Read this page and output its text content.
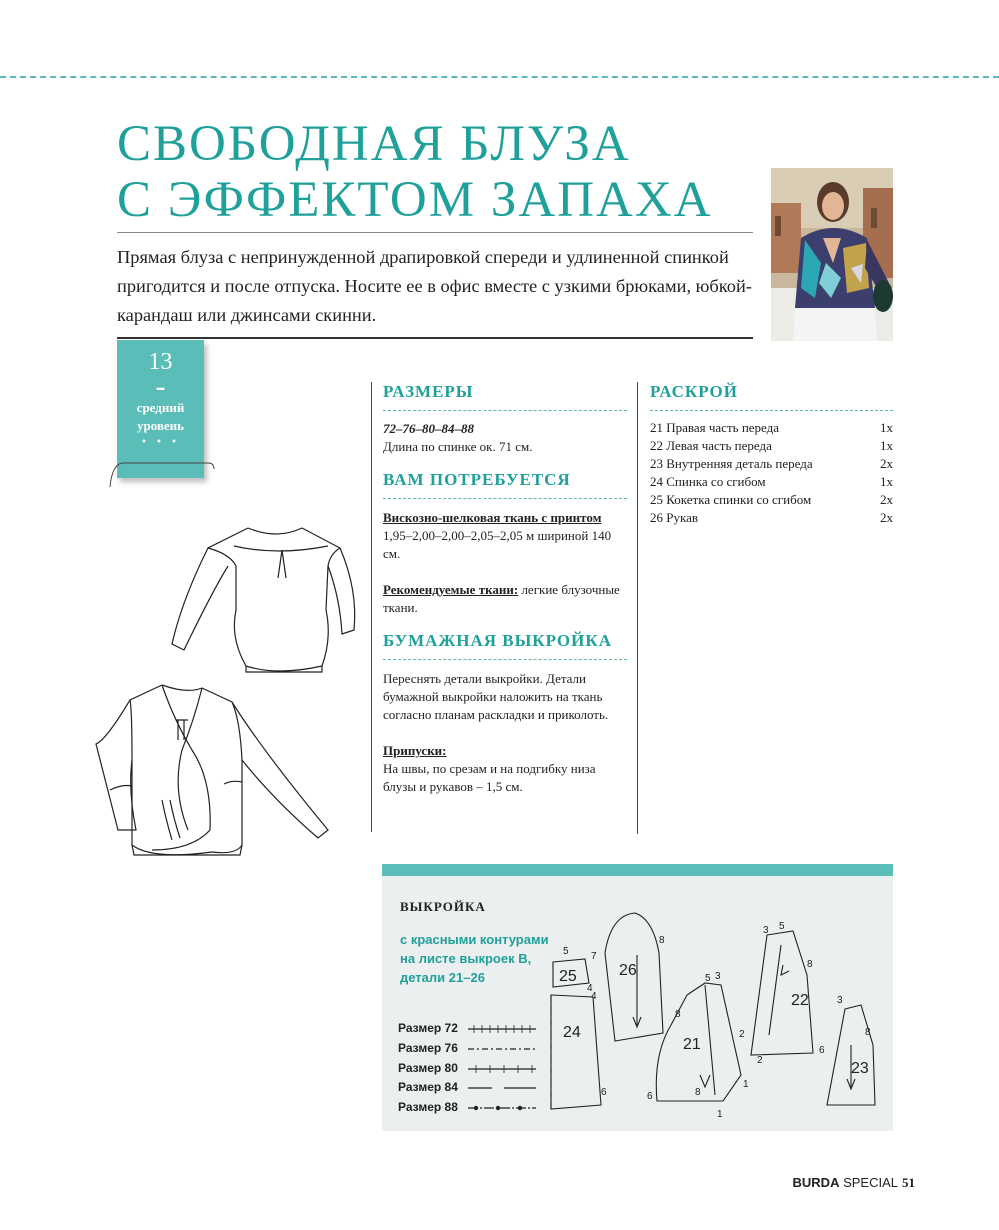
СВОБОДНАЯ БЛУЗА
С ЭФФЕКТОМ ЗАПАХА
Прямая блуза с непринужденной драпировкой спереди и удлиненной спинкой пригодится и после отпуска. Носите ее в офис вместе с узкими брюками, юбкой-карандаш или джинсами скинни.
13
–
средний уровень
• • •
РАЗМЕРЫ
72–76–80–84–88
Длина по спинке ок. 71 см.
ВАМ ПОТРЕБУЕТСЯ
Вискозно-шелковая ткань с принтом
1,95–2,00–2,00–2,05–2,05 м шириной 140 см.
Рекомендуемые ткани: легкие блузочные ткани.
БУМАЖНАЯ ВЫКРОЙКА
Переснять детали выкройки. Детали бумажной выкройки наложить на ткань согласно планам раскладки и приколоть.
Припуски:
На швы, по срезам и на подгибку низа блузы и рукавов – 1,5 см.
РАСКРОЙ
21 Правая часть переда	1x
22 Левая часть переда	1x
23 Внутренняя деталь переда	2x
24 Спинка со сгибом	1x
25 Кокетка спинки со сгибом	2x
26 Рукав	2x
ВЫКРОЙКА
с красными контурами на листе выкроек B, детали 21–26
Размер 72
Размер 76
Размер 80
Размер 84
Размер 88
25	26
24
21
22
23
5 7
4
4
6
8
8
5 3
8
6
1
1
3 5
8
2
2
6
3
8
BURDA SPECIAL 51
